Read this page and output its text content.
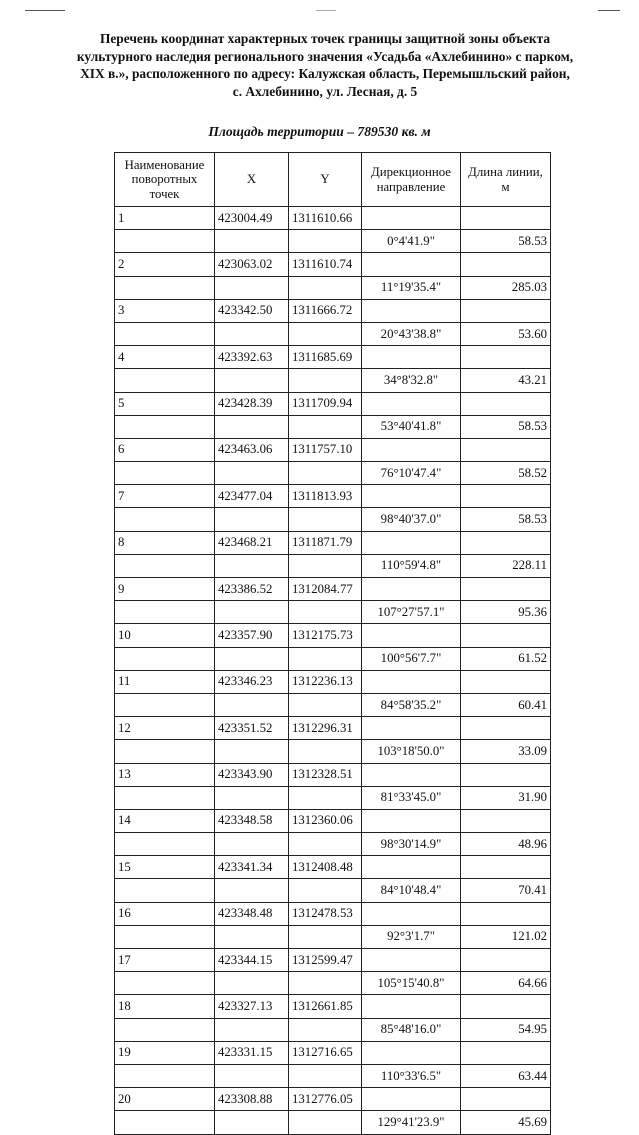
Перечень координат характерных точек границы защитной зоны объекта
культурного наследия регионального значения «Усадьба «Ахлебинино» с парком,
XIX в.», расположенного по адресу: Калужская область, Перемышльский район,
с. Ахлебинино, ул. Лесная, д. 5
Площадь территории – 789530 кв. м
Наименование поворотных точек	X	Y	Дирекционное направление	Длина линии, м
1	423004.49	1311610.66		
			0°4'41.9"	58.53
2	423063.02	1311610.74		
			11°19'35.4"	285.03
3	423342.50	1311666.72		
			20°43'38.8"	53.60
4	423392.63	1311685.69		
			34°8'32.8"	43.21
5	423428.39	1311709.94		
			53°40'41.8"	58.53
6	423463.06	1311757.10		
			76°10'47.4"	58.52
7	423477.04	1311813.93		
			98°40'37.0"	58.53
8	423468.21	1311871.79		
			110°59'4.8"	228.11
9	423386.52	1312084.77		
			107°27'57.1"	95.36
10	423357.90	1312175.73		
			100°56'7.7"	61.52
11	423346.23	1312236.13		
			84°58'35.2"	60.41
12	423351.52	1312296.31		
			103°18'50.0"	33.09
13	423343.90	1312328.51		
			81°33'45.0"	31.90
14	423348.58	1312360.06		
			98°30'14.9"	48.96
15	423341.34	1312408.48		
			84°10'48.4"	70.41
16	423348.48	1312478.53		
			92°3'1.7"	121.02
17	423344.15	1312599.47		
			105°15'40.8"	64.66
18	423327.13	1312661.85		
			85°48'16.0"	54.95
19	423331.15	1312716.65		
			110°33'6.5"	63.44
20	423308.88	1312776.05		
			129°41'23.9"	45.69
